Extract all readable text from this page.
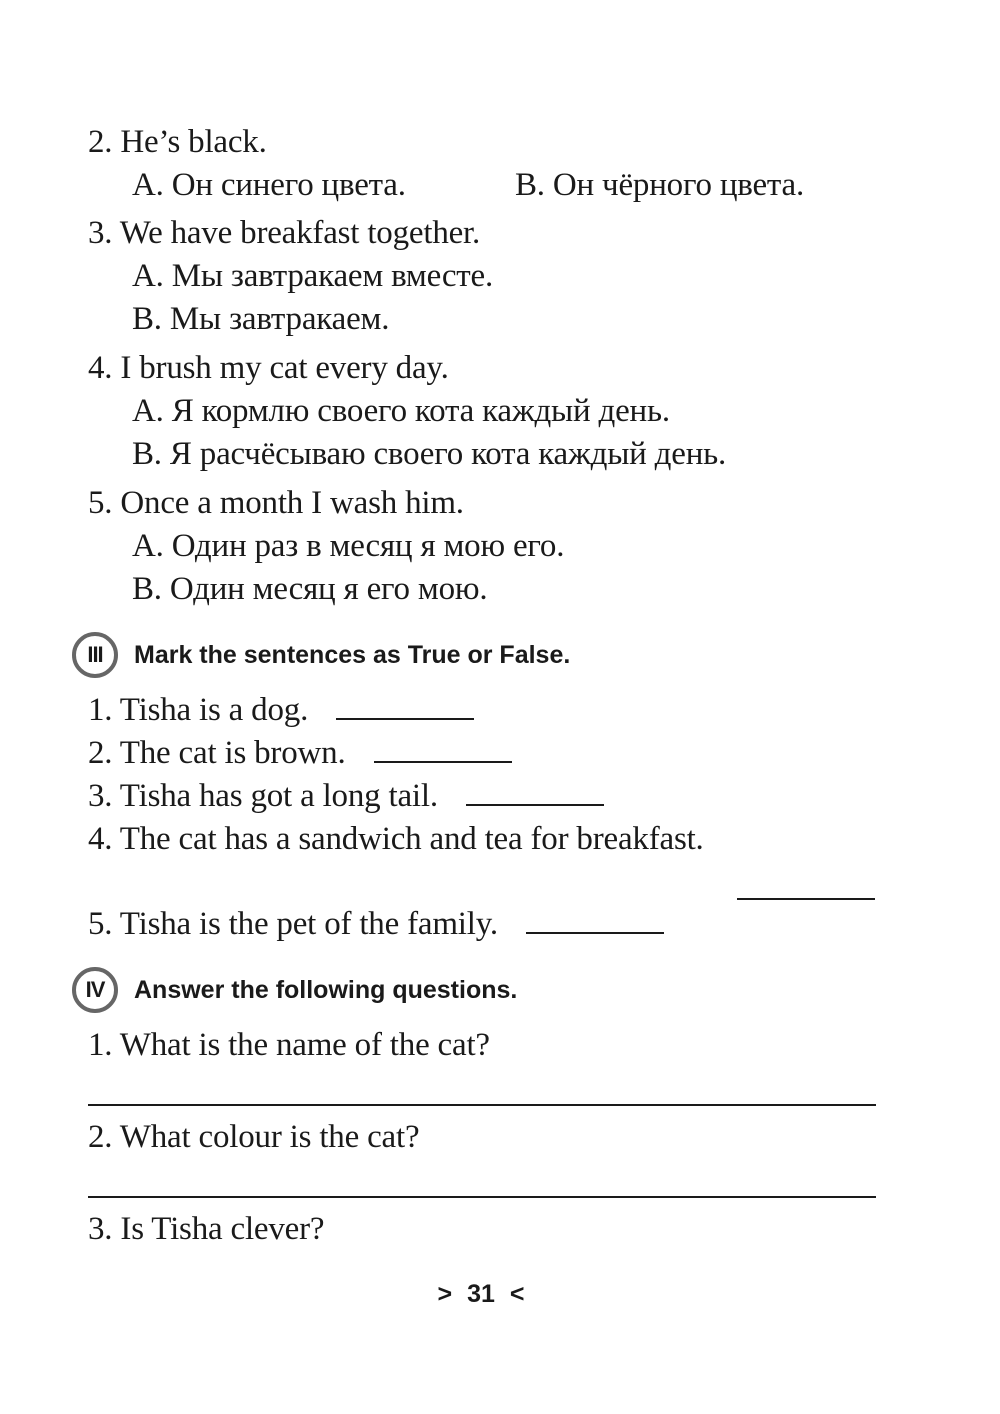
2. He’s black.
A. Он синего цвета.	B. Он чёрного цвета.
3. We have breakfast together.
A. Мы завтракаем вместе.
B. Мы завтракаем.
4. I brush my cat every day.
A. Я кормлю своего кота каждый день.
B. Я расчёсываю своего кота каждый день.
5. Once a month I wash him.
A. Один раз в месяц я мою его.
B. Один месяц я его мою.
III	Mark the sentences as True or False.
1. Tisha is a dog.
2. The cat is brown.
3. Tisha has got a long tail.
4. The cat has a sandwich and tea for breakfast.
5. Tisha is the pet of the family.
IV	Answer the following questions.
1. What is the name of the cat?
2. What colour is the cat?
3. Is Tisha clever?
> 31 <
